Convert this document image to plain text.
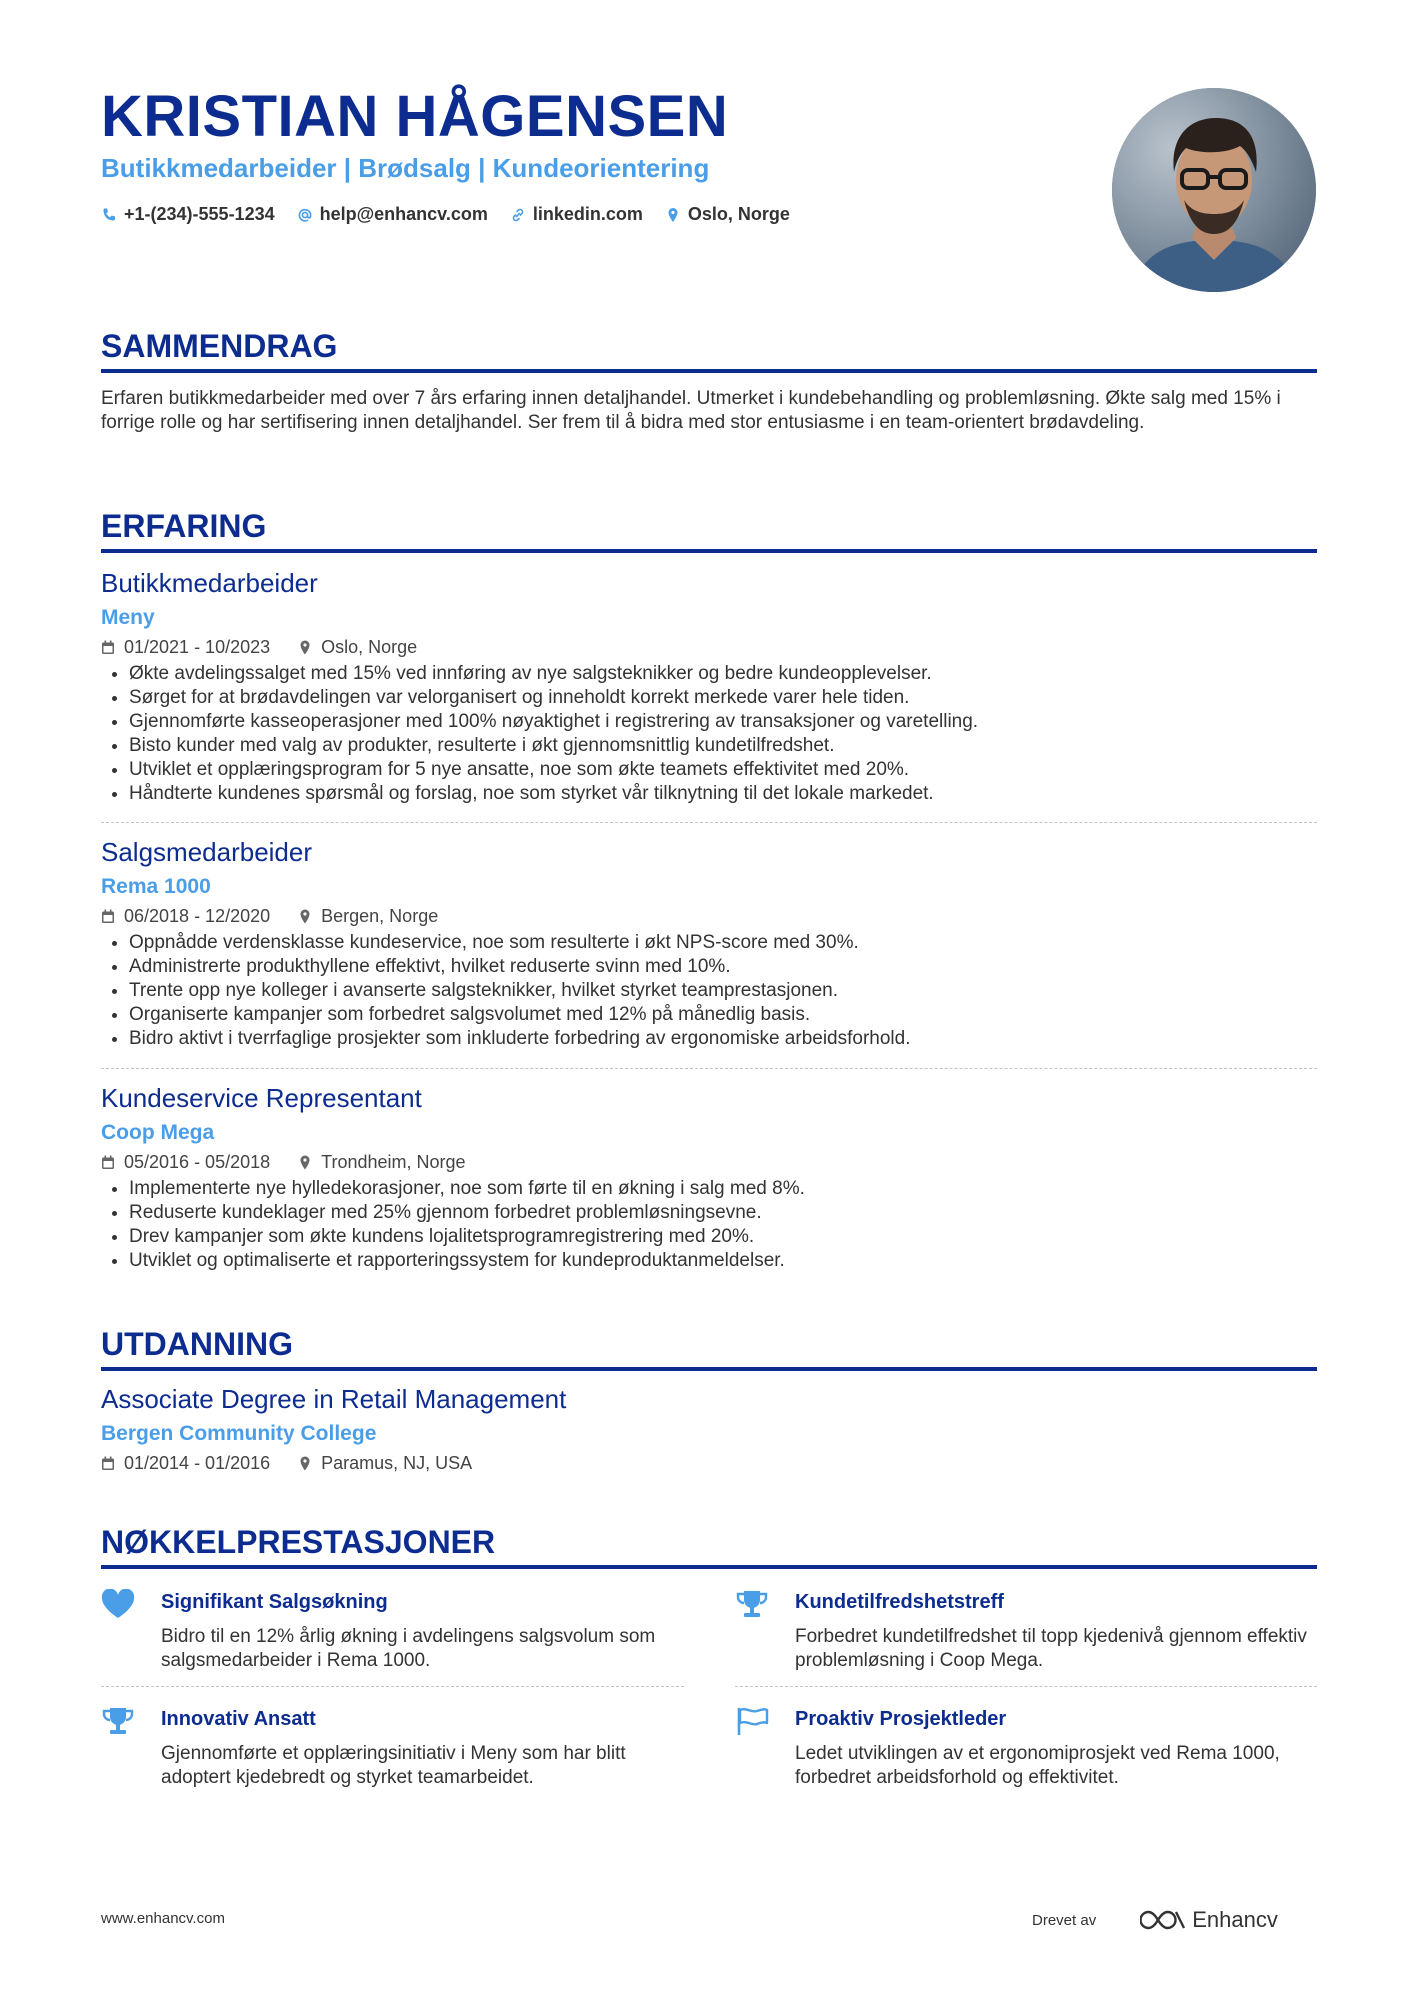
KRISTIAN HÅGENSEN
Butikkmedarbeider | Brødsalg | Kundeorientering
+1-(234)-555-1234	help@enhancv.com	linkedin.com	Oslo, Norge
SAMMENDRAG
Erfaren butikkmedarbeider med over 7 års erfaring innen detaljhandel. Utmerket i kundebehandling og problemløsning. Økte salg med 15% i forrige rolle og har sertifisering innen detaljhandel. Ser frem til å bidra med stor entusiasme i en team-orientert brødavdeling.
ERFARING
Butikkmedarbeider
Meny
01/2021 - 10/2023	Oslo, Norge
• Økte avdelingssalget med 15% ved innføring av nye salgsteknikker og bedre kundeopplevelser.
• Sørget for at brødavdelingen var velorganisert og inneholdt korrekt merkede varer hele tiden.
• Gjennomførte kasseoperasjoner med 100% nøyaktighet i registrering av transaksjoner og varetelling.
• Bisto kunder med valg av produkter, resulterte i økt gjennomsnittlig kundetilfredshet.
• Utviklet et opplæringsprogram for 5 nye ansatte, noe som økte teamets effektivitet med 20%.
• Håndterte kundenes spørsmål og forslag, noe som styrket vår tilknytning til det lokale markedet.
Salgsmedarbeider
Rema 1000
06/2018 - 12/2020	Bergen, Norge
• Oppnådde verdensklasse kundeservice, noe som resulterte i økt NPS-score med 30%.
• Administrerte produkthyllene effektivt, hvilket reduserte svinn med 10%.
• Trente opp nye kolleger i avanserte salgsteknikker, hvilket styrket teamprestasjonen.
• Organiserte kampanjer som forbedret salgsvolumet med 12% på månedlig basis.
• Bidro aktivt i tverrfaglige prosjekter som inkluderte forbedring av ergonomiske arbeidsforhold.
Kundeservice Representant
Coop Mega
05/2016 - 05/2018	Trondheim, Norge
• Implementerte nye hylledekorasjoner, noe som førte til en økning i salg med 8%.
• Reduserte kundeklager med 25% gjennom forbedret problemløsningsevne.
• Drev kampanjer som økte kundens lojalitetsprogramregistrering med 20%.
• Utviklet og optimaliserte et rapporteringssystem for kundeproduktanmeldelser.
UTDANNING
Associate Degree in Retail Management
Bergen Community College
01/2014 - 01/2016	Paramus, NJ, USA
NØKKELPRESTASJONER
Signifikant Salgsøkning
Bidro til en 12% årlig økning i avdelingens salgsvolum som salgsmedarbeider i Rema 1000.
Kundetilfredshetstreff
Forbedret kundetilfredshet til topp kjedenivå gjennom effektiv problemløsning i Coop Mega.
Innovativ Ansatt
Gjennomførte et opplæringsinitiativ i Meny som har blitt adoptert kjedebredt og styrket teamarbeidet.
Proaktiv Prosjektleder
Ledet utviklingen av et ergonomiprosjekt ved Rema 1000, forbedret arbeidsforhold og effektivitet.
www.enhancv.com	Drevet av	Enhancv
